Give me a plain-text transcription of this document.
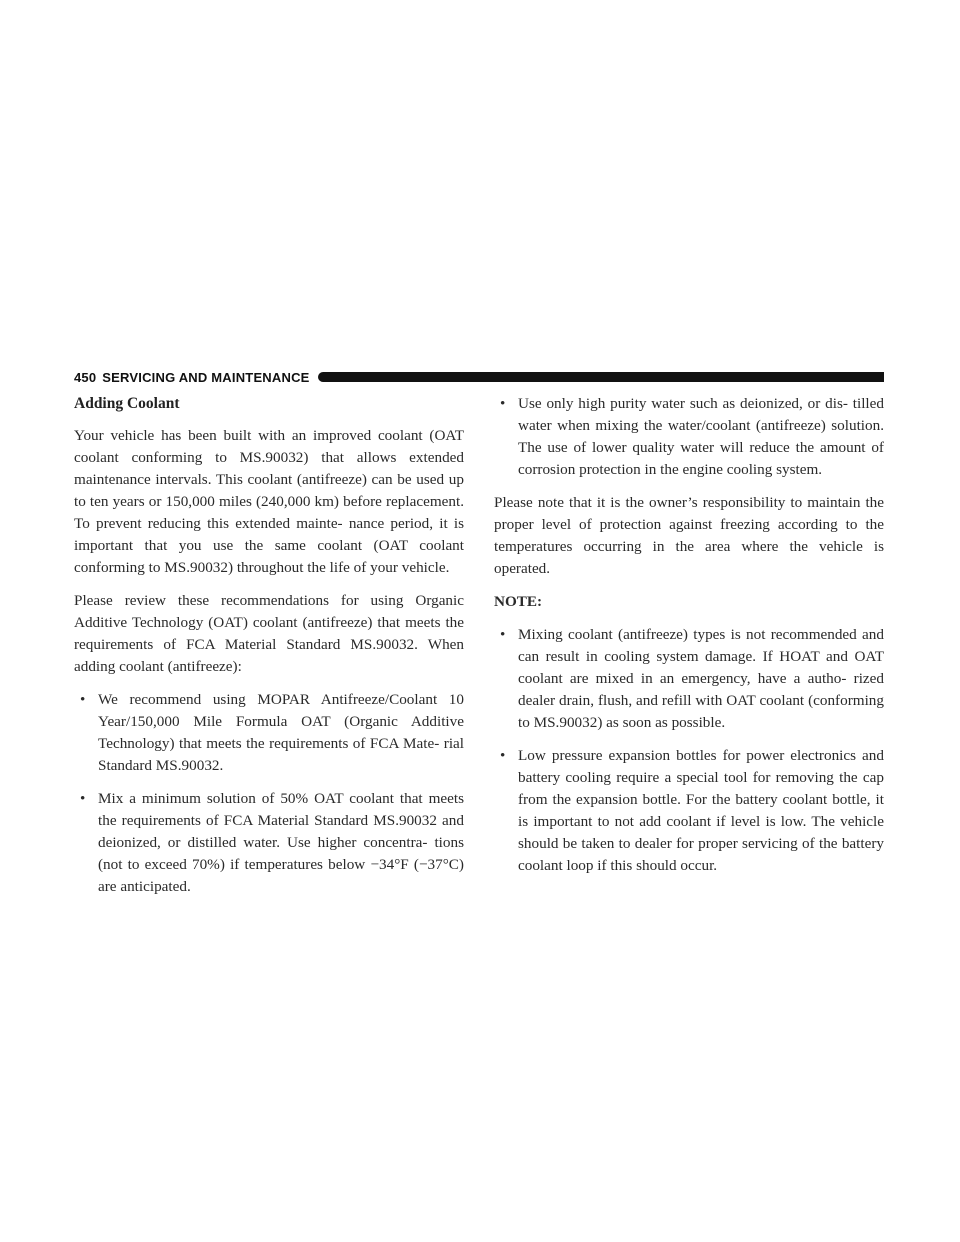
450 SERVICING AND MAINTENANCE

Adding Coolant

Your vehicle has been built with an improved coolant (OAT coolant conforming to MS.90032) that allows extended maintenance intervals. This coolant (antifreeze) can be used up to ten years or 150,000 miles (240,000 km) before replacement. To prevent reducing this extended mainte- nance period, it is important that you use the same coolant (OAT coolant conforming to MS.90032) throughout the life of your vehicle.

Please review these recommendations for using Organic Additive Technology (OAT) coolant (antifreeze) that meets the requirements of FCA Material Standard MS.90032. When adding coolant (antifreeze):

• We recommend using MOPAR Antifreeze/Coolant 10 Year/150,000 Mile Formula OAT (Organic Additive Technology) that meets the requirements of FCA Mate- rial Standard MS.90032.
• Mix a minimum solution of 50% OAT coolant that meets the requirements of FCA Material Standard MS.90032 and deionized, or distilled water. Use higher concentra- tions (not to exceed 70%) if temperatures below −34°F (−37°C) are anticipated.
• Use only high purity water such as deionized, or dis- tilled water when mixing the water/coolant (antifreeze) solution. The use of lower quality water will reduce the amount of corrosion protection in the engine cooling system.

Please note that it is the owner’s responsibility to maintain the proper level of protection against freezing according to the temperatures occurring in the area where the vehicle is operated.

NOTE:

• Mixing coolant (antifreeze) types is not recommended and can result in cooling system damage. If HOAT and OAT coolant are mixed in an emergency, have a autho- rized dealer drain, flush, and refill with OAT coolant (conforming to MS.90032) as soon as possible.
• Low pressure expansion bottles for power electronics and battery cooling require a special tool for removing the cap from the expansion bottle. For the battery coolant bottle, it is important to not add coolant if level is low. The vehicle should be taken to dealer for proper servicing of the battery coolant loop if this should occur.
